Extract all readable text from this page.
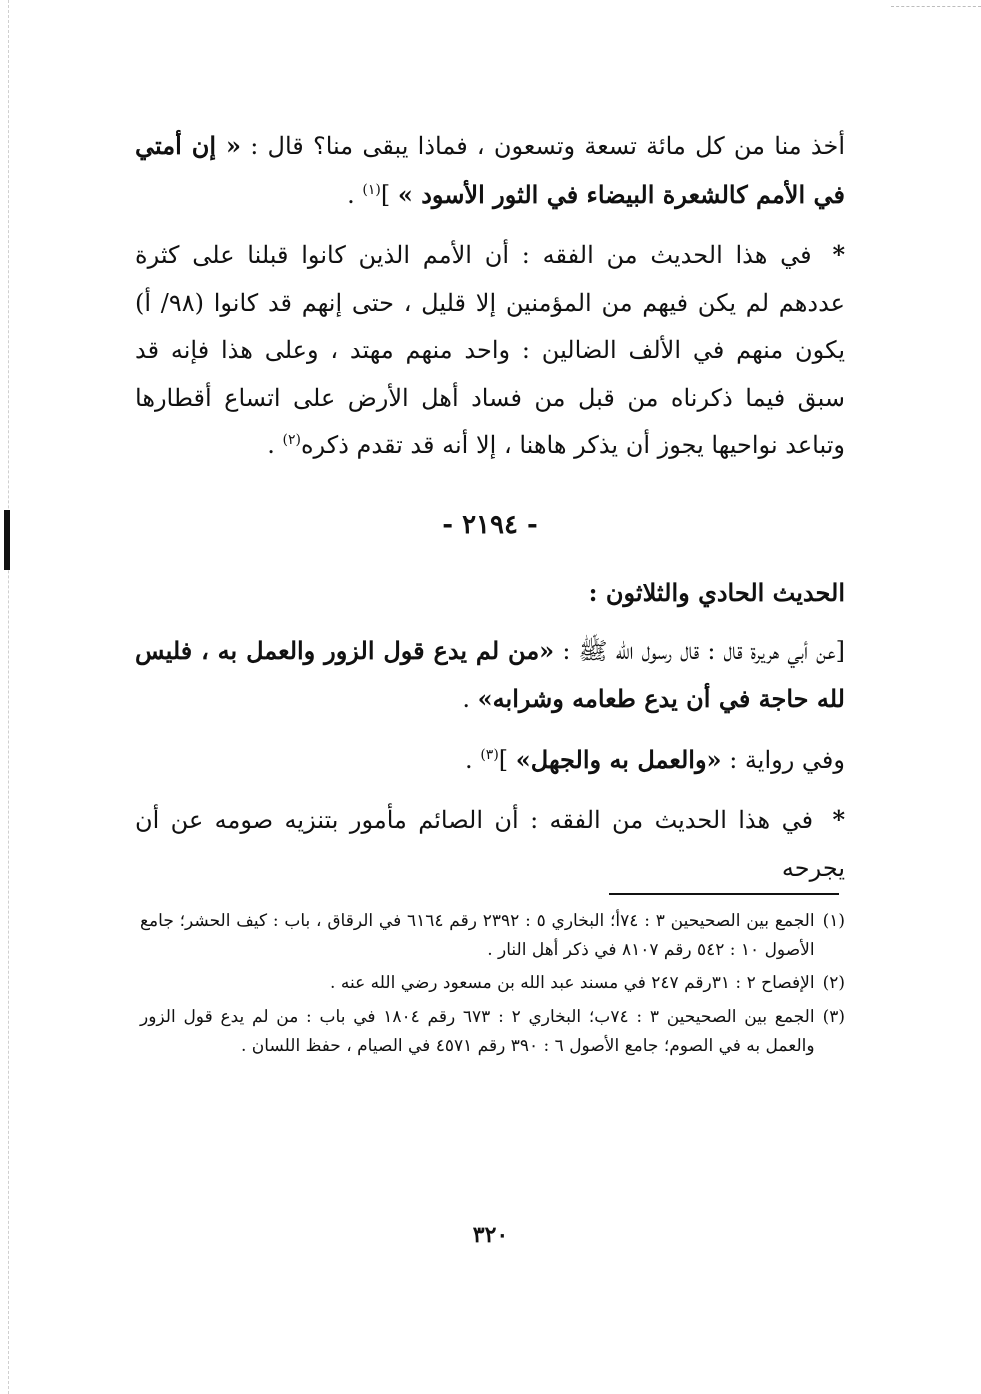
أخذ منا من كل مائة تسعة وتسعون ، فماذا يبقى منا؟ قال : « إن أمتي في الأمم كالشعرة البيضاء في الثور الأسود » ]$^{(١)}$ .

* في هذا الحديث من الفقه : أن الأمم الذين كانوا قبلنا على كثرة عددهم لم يكن فيهم من المؤمنين إلا قليل ، حتى إنهم قد كانوا (٩٨/ أ) يكون منهم في الألف الضالين : واحد منهم مهتد ، وعلى هذا فإنه قد سبق فيما ذكرناه من قبل من فساد أهل الأرض على اتساع أقطارها وتباعد نواحيها يجوز أن يذكر هاهنا ، إلا أنه قد تقدم ذكره$^{(٢)}$ .

- ٢١٩٤ -
الحديث الحادي والثلاثون :

[عن أبي هريرة قال : قال رسول الله ﷺ : «من لم يدع قول الزور والعمل به ، فليس لله حاجة في أن يدع طعامه وشرابه» .

وفي رواية : «والعمل به والجهل» ]$^{(٣)}$ .

* في هذا الحديث من الفقه : أن الصائم مأمور بتنزيه صومه عن أن يجرحه

(١)
الجمع بين الصحيحين ٣ : ٧٤أ؛ البخاري ٥ : ٢٣٩٢ رقم ٦١٦٤ في الرقاق ، باب : كيف الحشر؛ جامع الأصول ١٠ : ٥٤٢ رقم ٨١٠٧ في ذكر أهل النار .
(٢)
الإفصاح ٢ : ٣١رقم ٢٤٧ في مسند عبد الله بن مسعود رضي الله عنه .
(٣)
الجمع بين الصحيحين ٣ : ٧٤ب؛ البخاري ٢ : ٦٧٣ رقم ١٨٠٤ في باب : من لم يدع قول الزور والعمل به في الصوم؛ جامع الأصول ٦ : ٣٩٠ رقم ٤٥٧١ في الصيام ، حفظ اللسان .
٣٢٠
